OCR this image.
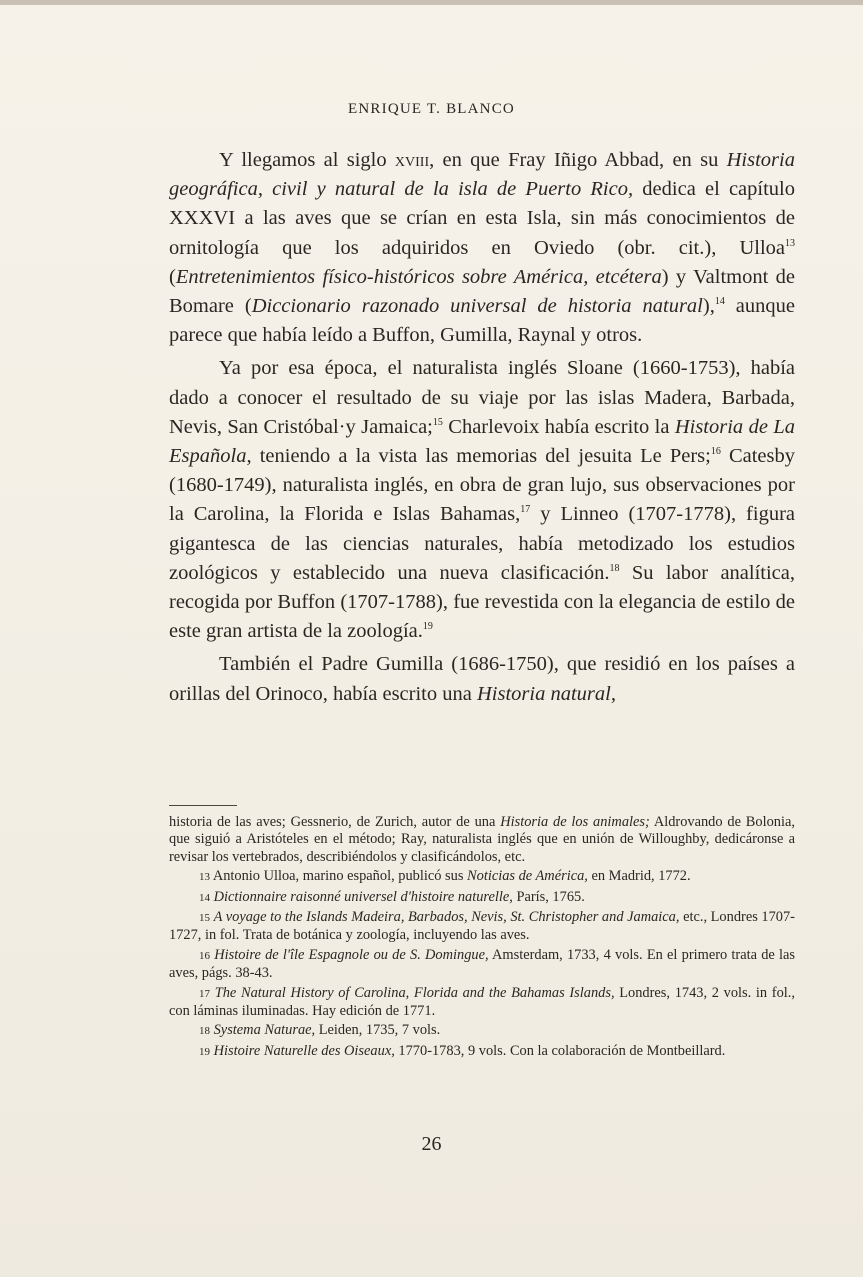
ENRIQUE T. BLANCO

Y llegamos al siglo xviii, en que Fray Iñigo Abbad, en su Historia geográfica, civil y natural de la isla de Puerto Rico, dedica el capítulo XXXVI a las aves que se crían en esta Isla, sin más conocimientos de ornitología que los adquiridos en Oviedo (obr. cit.), Ulloa$^{13}$ (Entretenimientos físico-históricos sobre América, etcétera) y Valtmont de Bomare (Diccionario razonado universal de historia natural),$^{14}$ aunque parece que había leído a Buffon, Gumilla, Raynal y otros.

Ya por esa época, el naturalista inglés Sloane (1660-1753), había dado a conocer el resultado de su viaje por las islas Madera, Barbada, Nevis, San Cristóbal·y Jamaica;$^{15}$ Charlevoix había escrito la Historia de La Española, teniendo a la vista las memorias del jesuita Le Pers;$^{16}$ Catesby (1680-1749), naturalista inglés, en obra de gran lujo, sus observaciones por la Carolina, la Florida e Islas Bahamas,$^{17}$ y Linneo (1707-1778), figura gigantesca de las ciencias naturales, había metodizado los estudios zoológicos y establecido una nueva clasificación.$^{18}$ Su labor analítica, recogida por Buffon (1707-1788), fue revestida con la elegancia de estilo de este gran artista de la zoología.$^{19}$

También el Padre Gumilla (1686-1750), que residió en los países a orillas del Orinoco, había escrito una Historia natural,

historia de las aves; Gessnerio, de Zurich, autor de una Historia de los animales; Aldrovando de Bolonia, que siguió a Aristóteles en el método; Ray, naturalista inglés que en unión de Willoughby, dedicáronse a revisar los vertebrados, describiéndolos y clasificándolos, etc.

13 Antonio Ulloa, marino español, publicó sus Noticias de América, en Madrid, 1772.

14 Dictionnaire raisonné universel d'histoire naturelle, París, 1765.

15 A voyage to the Islands Madeira, Barbados, Nevis, St. Christopher and Jamaica, etc., Londres 1707-1727, in fol. Trata de botánica y zoología, incluyendo las aves.

16 Histoire de l'île Espagnole ou de S. Domingue, Amsterdam, 1733, 4 vols. En el primero trata de las aves, págs. 38-43.

17 The Natural History of Carolina, Florida and the Bahamas Islands, Londres, 1743, 2 vols. in fol., con láminas iluminadas. Hay edición de 1771.

18 Systema Naturae, Leiden, 1735, 7 vols.

19 Histoire Naturelle des Oiseaux, 1770-1783, 9 vols. Con la colaboración de Montbeillard.

26
